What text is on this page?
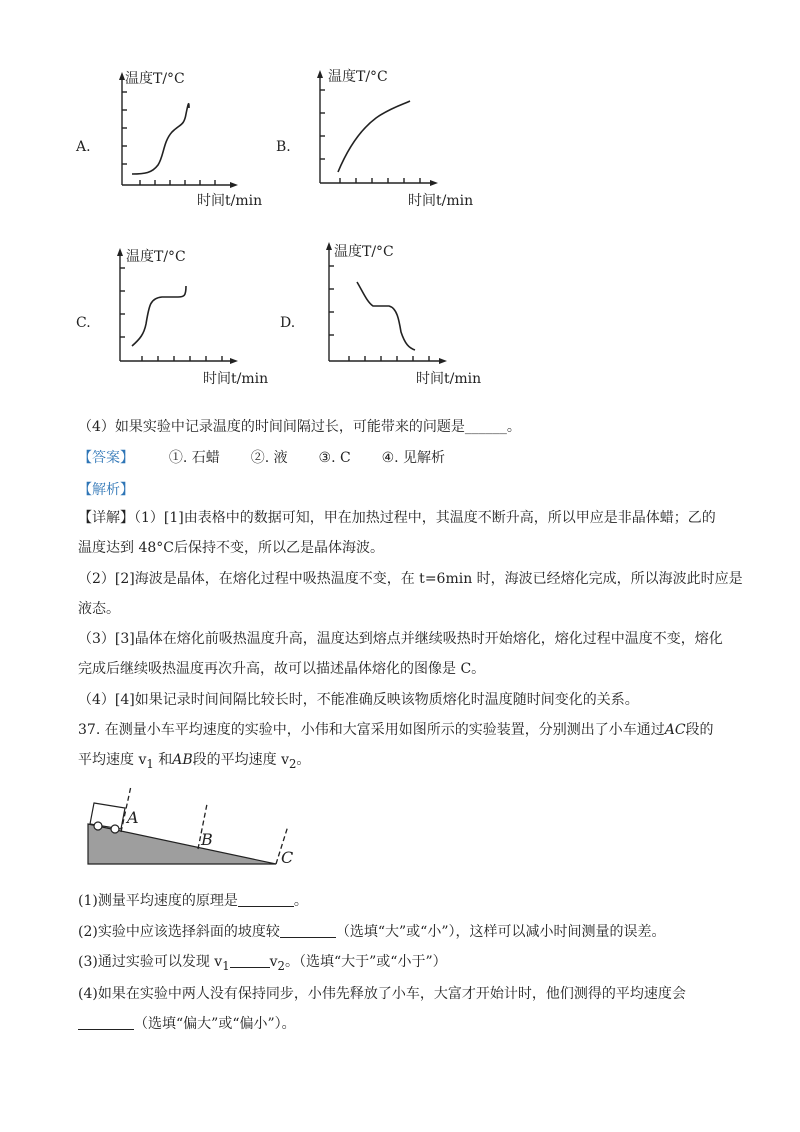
A.
温度T/°C
时间t/min
B.
温度T/°C
时间t/min
C.
温度T/°C
时间t/min
D.
温度T/°C
时间t/min
（4）如果实验中记录温度的时间间隔过长，可能带来的问题是______。
【答案】 ①. 石蜡 ②. 液 ③. C ④. 见解析
【解析】
【详解】（1）[1]由表格中的数据可知，甲在加热过程中，其温度不断升高，所以甲应是非晶体蜡；乙的
温度达到 48°C后保持不变，所以乙是晶体海波。
（2）[2]海波是晶体，在熔化过程中吸热温度不变，在 t=6min 时，海波已经熔化完成，所以海波此时应是
液态。
（3）[3]晶体在熔化前吸热温度升高，温度达到熔点并继续吸热时开始熔化，熔化过程中温度不变，熔化
完成后继续吸热温度再次升高，故可以描述晶体熔化的图像是 C。
（4）[4]如果记录时间间隔比较长时，不能准确反映该物质熔化时温度随时间变化的关系。
37. 在测量小车平均速度的实验中，小伟和大富采用如图所示的实验装置，分别测出了小车通过AC段的
平均速度 $v_1$ 和AB段的平均速度 $v_2$。
A
B
C
(1)测量平均速度的原理是	。
(2)实验中应该选择斜面的坡度较	（选填“大”或“小”），这样可以减小时间测量的误差。
(3)通过实验可以发现 $v_1$	$v_2$。（选填“大于”或“小于”）
(4)如果在实验中两人没有保持同步，小伟先释放了小车，大富才开始计时，他们测得的平均速度会
（选填“偏大”或“偏小”）。
